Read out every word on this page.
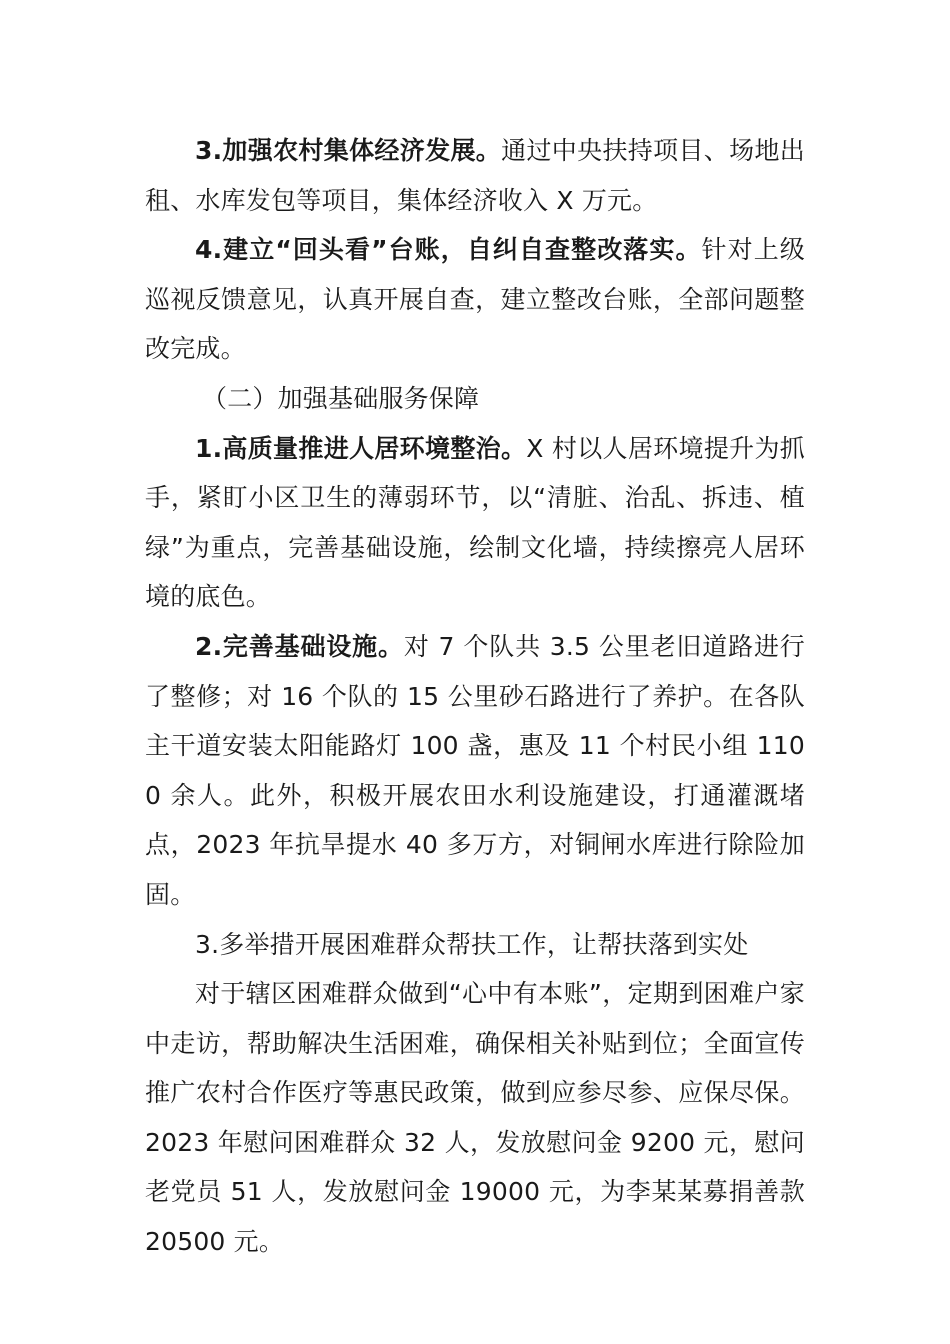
3.加强农村集体经济发展。通过中央扶持项目、场地出租、水库发包等项目，集体经济收入 X 万元。

4.建立“回头看”台账，自纠自查整改落实。针对上级巡视反馈意见，认真开展自查，建立整改台账，全部问题整改完成。

（二）加强基础服务保障

1.高质量推进人居环境整治。X 村以人居环境提升为抓手，紧盯小区卫生的薄弱环节，以“清脏、治乱、拆违、植绿”为重点，完善基础设施，绘制文化墙，持续擦亮人居环境的底色。

2.完善基础设施。对 7 个队共 3.5 公里老旧道路进行了整修；对 16 个队的 15 公里砂石路进行了养护。在各队主干道安装太阳能路灯 100 盏，惠及 11 个村民小组 1100 余人。此外，积极开展农田水利设施建设，打通灌溉堵点，2023 年抗旱提水 40 多万方，对铜闸水库进行除险加固。

3.多举措开展困难群众帮扶工作，让帮扶落到实处

对于辖区困难群众做到“心中有本账”，定期到困难户家中走访，帮助解决生活困难，确保相关补贴到位；全面宣传推广农村合作医疗等惠民政策，做到应参尽参、应保尽保。2023 年慰问困难群众 32 人，发放慰问金 9200 元，慰问老党员 51 人，发放慰问金 19000 元，为李某某募捐善款 20500 元。
